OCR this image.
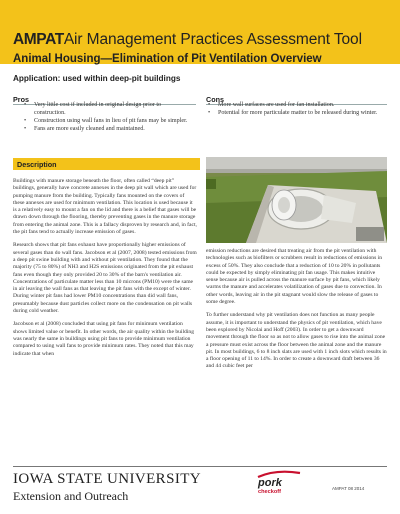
AMPATAir Management Practices Assessment Tool
Animal Housing—Elimination of Pit Ventilation Overview
Application: used within deep-pit buildings
Pros
• Very little cost if included in original design prior to construction.
• Construction using wall fans in lieu of pit fans may be simpler.
• Fans are more easily cleaned and maintained.
Cons
• More wall surfaces are used for fan installation.
• Potential for more particulate matter to be released during winter.
Description

Buildings with manure storage beneath the floor, often called “deep pit” buildings, generally have concrete annexes in the deep pit wall which are used for pumping manure from the building. Typically fans mounted on the covers of these annexes are used for minimum ventilation. This location is used because it is a relatively easy to mount a fan on the lid and there is a belief that gases will be drawn down through the flooring, thereby preventing gases in the manure storage from entering the animal zone. This is a fallacy disproven by research and, in fact, the pit fans tend to actually increase emission of gases.

Research shows that pit fans exhaust have proportionally higher emissions of several gases than do wall fans. Jacobson et al (2007, 2008) tested emissions from a deep pit swine building with and without pit ventilation. They found that the majority (75 to 80%) of NH3 and H2S emissions originated from the pit exhaust fans even though they only provided 20 to 30% of the barn's ventilation air. Concentrations of particulate matter less than 10 microns (PM10) were the same in air leaving the wall fans as that leaving the pit fans with the except of winter. During winter pit fans had lower PM10 concentrations than did wall fans, presumably because dust particles collect more on the condensation on pit walls during cold weather.

Jacobson et al (2008) concluded that using pit fans for minimum ventilation shows limited value or benefit. In other words, the air quality within the building was nearly the same in buildings using pit fans to provide minimum ventilation compared to using wall fans to provide minimum rates. They noted that this may indicate that when

emission reductions are desired that treating air from the pit ventilation with technologies such as biofilters or scrubbers result in reductions of emissions in excess of 50%. They also conclude that a reduction of 10 to 20% in pollutants could be expected by simply eliminating pit fan usage. This makes intuitive sense because air is pulled across the manure surface by pit fans, which likely warms the manure and accelerates volatilization of gases due to convection. In other words, leaving air in the pit stagnant would slow the release of gases to some degree.

To further understand why pit ventilation does not function as many people assume, it is important to understand the physics of pit ventilation, which have been explored by Nicolai and Hoff (2003). In order to get a downward movement through the floor so as not to allow gases to rise into the animal zone a pressure must exist across the floor between the animal zone and the manure pit. In most buildings, 6 to 8 inch slats are used with 1 inch slots which results in a floor opening of 11 to 14%. In order to create a downward draft between 36 and 44 cubic feet per

IOWA STATE UNIVERSITY
Extension and Outreach
pork
checkoff
AMPAT 08 2014
